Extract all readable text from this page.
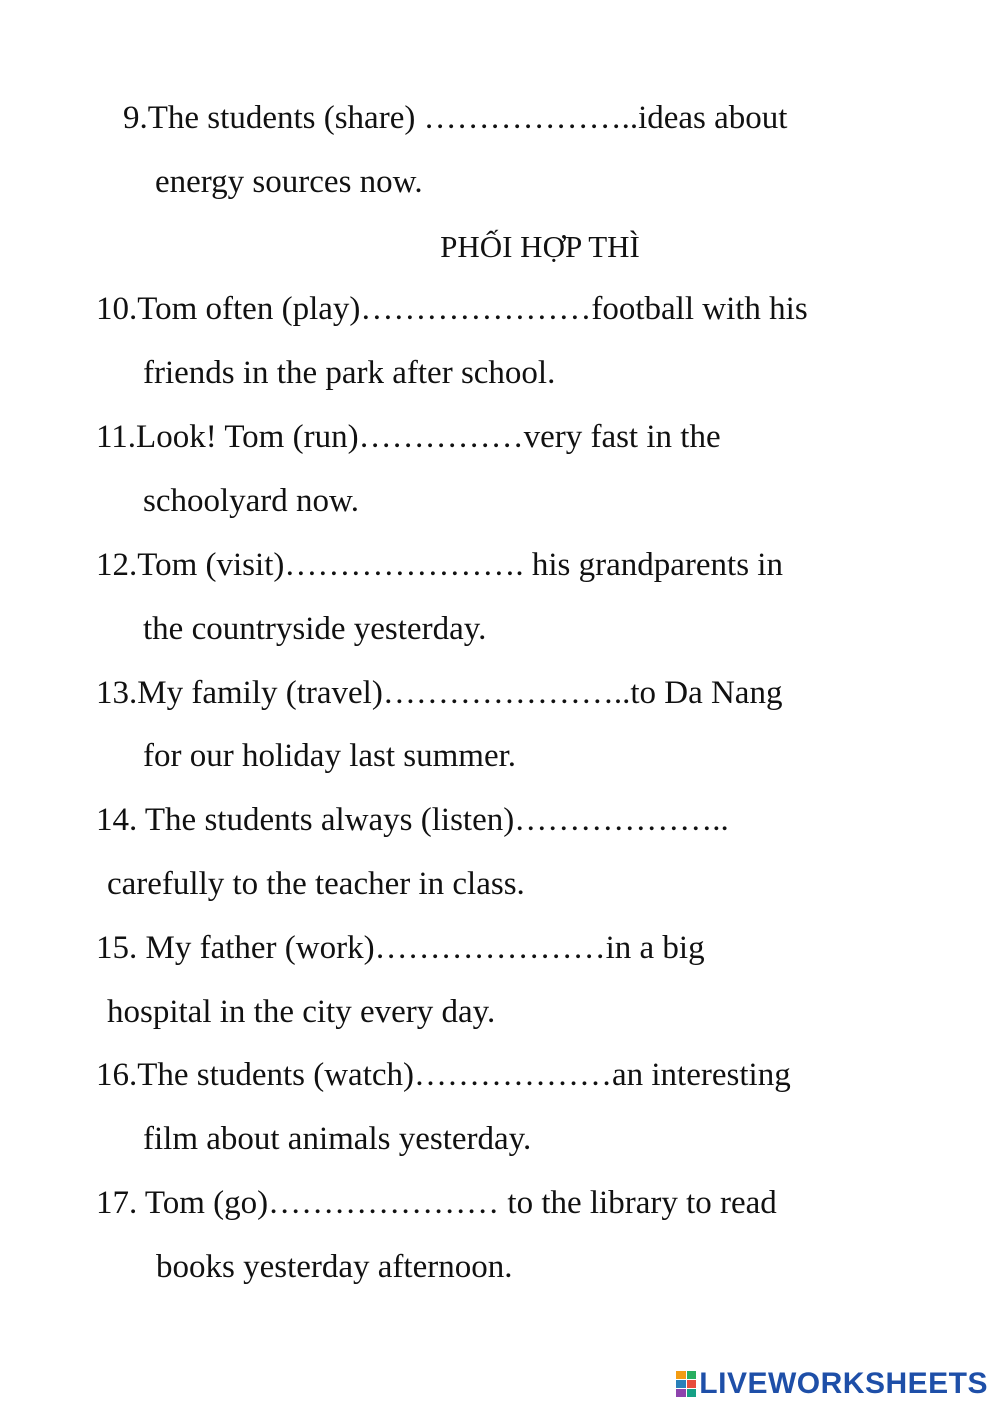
9.The students (share) ………………..ideas about
energy sources now.
PHỐI HỢP THÌ
10.Tom often (play)…………………football with his
friends in the park after school.
11.Look! Tom (run)……………very fast in the
schoolyard now.
12.Tom (visit)…………………. his grandparents in
the countryside yesterday.
13.My family (travel)…………………..to Da Nang
for our holiday last summer.
14. The students always (listen)………………..
carefully to the teacher in class.
15. My father (work)…………………in a big
hospital in the city every day.
16.The students (watch)………………an interesting
film about animals yesterday.
17. Tom (go)………………… to the library to read
books yesterday afternoon.
LIVEWORKSHEETS
